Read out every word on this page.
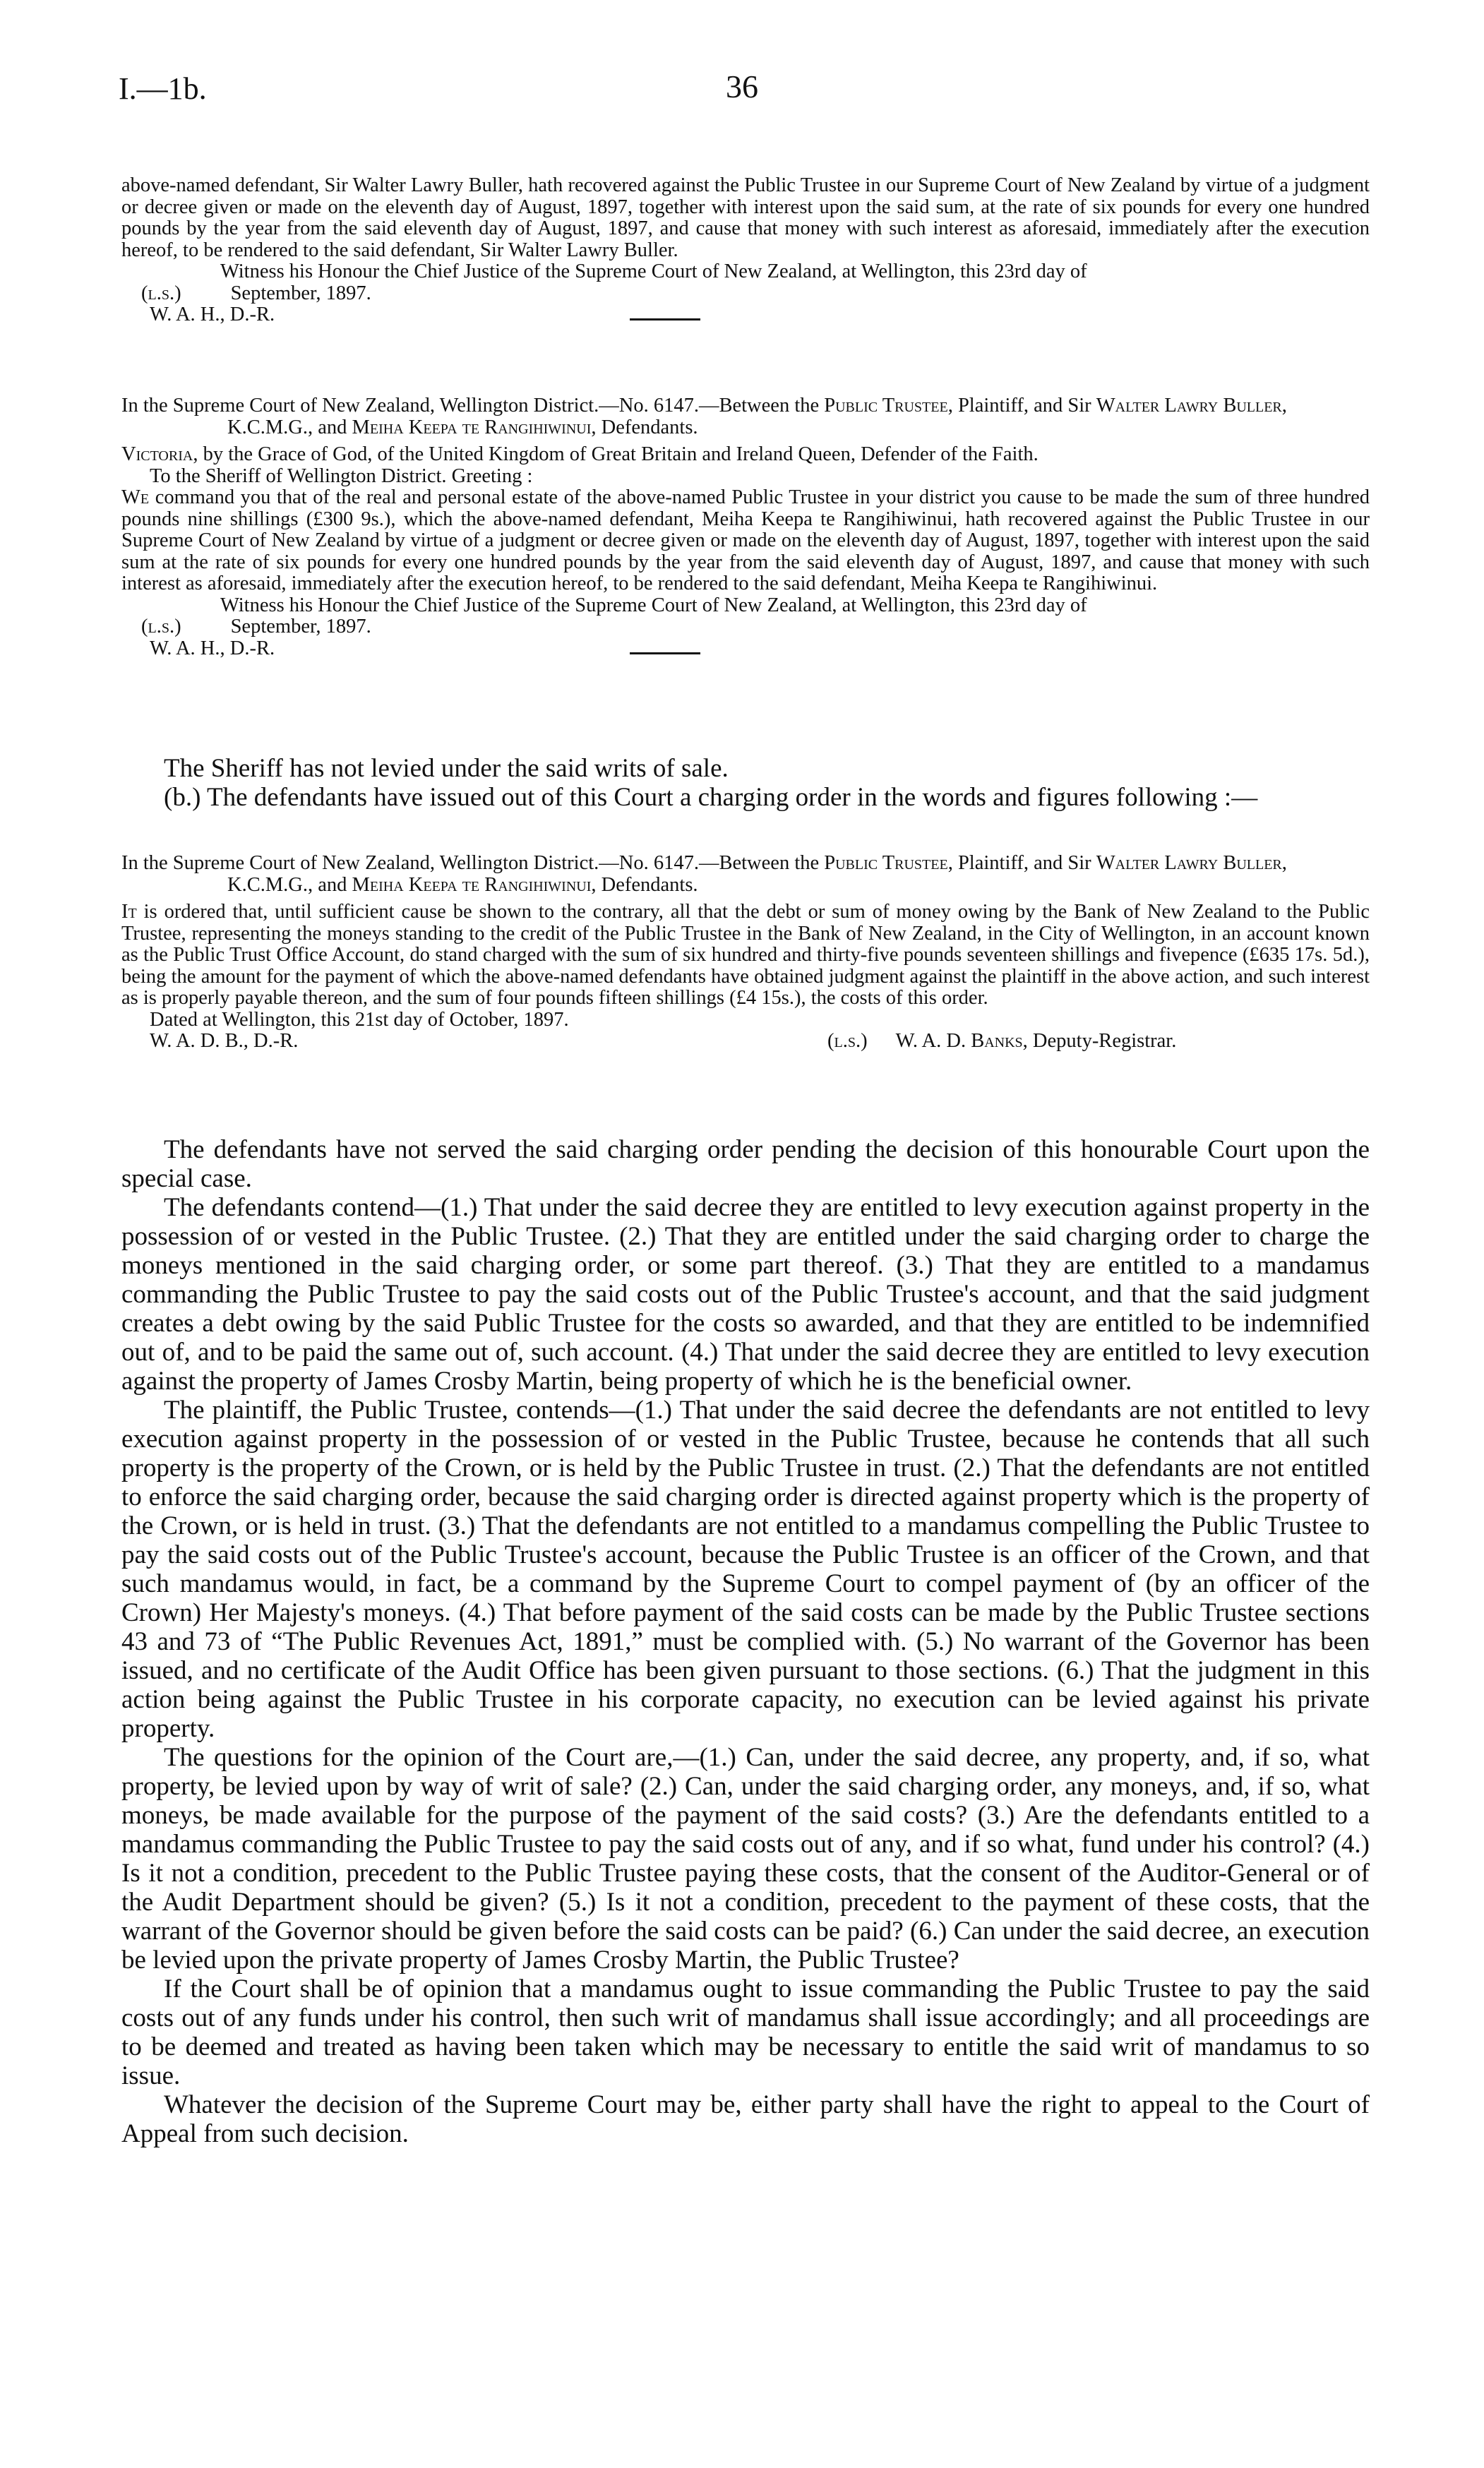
I.—1b.	36

above-named defendant, Sir Walter Lawry Buller, hath recovered against the Public Trustee in our Supreme Court of New Zealand by virtue of a judgment or decree given or made on the eleventh day of August, 1897, together with interest upon the said sum, at the rate of six pounds for every one hundred pounds by the year from the said eleventh day of August, 1897, and cause that money with such interest as aforesaid, immediately after the execution hereof, to be rendered to the said defendant, Sir Walter Lawry Buller.

Witness his Honour the Chief Justice of the Supreme Court of New Zealand, at Wellington, this 23rd day of

(l.s.) September, 1897.
W. A. H., D.-R.

In the Supreme Court of New Zealand, Wellington District.—No. 6147.—Between the Public Trustee, Plaintiff, and Sir Walter Lawry Buller, K.C.M.G., and Meiha Keepa te Rangihiwinui, Defendants.

Victoria, by the Grace of God, of the United Kingdom of Great Britain and Ireland Queen, Defender of the Faith.

To the Sheriff of Wellington District. Greeting :

We command you that of the real and personal estate of the above-named Public Trustee in your district you cause to be made the sum of three hundred pounds nine shillings (£300 9s.), which the above-named defendant, Meiha Keepa te Rangihiwinui, hath recovered against the Public Trustee in our Supreme Court of New Zealand by virtue of a judgment or decree given or made on the eleventh day of August, 1897, together with interest upon the said sum at the rate of six pounds for every one hundred pounds by the year from the said eleventh day of August, 1897, and cause that money with such interest as aforesaid, immediately after the execution hereof, to be rendered to the said defendant, Meiha Keepa te Rangihiwinui.

Witness his Honour the Chief Justice of the Supreme Court of New Zealand, at Wellington, this 23rd day of

(l.s.) September, 1897.
W. A. H., D.-R.

The Sheriff has not levied under the said writs of sale.

(b.) The defendants have issued out of this Court a charging order in the words and figures following :—

In the Supreme Court of New Zealand, Wellington District.—No. 6147.—Between the Public Trustee, Plaintiff, and Sir Walter Lawry Buller, K.C.M.G., and Meiha Keepa te Rangihiwinui, Defendants.

It is ordered that, until sufficient cause be shown to the contrary, all that the debt or sum of money owing by the Bank of New Zealand to the Public Trustee, representing the moneys standing to the credit of the Public Trustee in the Bank of New Zealand, in the City of Wellington, in an account known as the Public Trust Office Account, do stand charged with the sum of six hundred and thirty-five pounds seventeen shillings and fivepence (£635 17s. 5d.), being the amount for the payment of which the above-named defendants have obtained judgment against the plaintiff in the above action, and such interest as is properly payable thereon, and the sum of four pounds fifteen shillings (£4 15s.), the costs of this order.

Dated at Wellington, this 21st day of October, 1897.

W. A. D. B., D.-R.	(l.s.) W. A. D. Banks, Deputy-Registrar.

The defendants have not served the said charging order pending the decision of this honourable Court upon the special case.

The defendants contend—(1.) That under the said decree they are entitled to levy execution against property in the possession of or vested in the Public Trustee. (2.) That they are entitled under the said charging order to charge the moneys mentioned in the said charging order, or some part thereof. (3.) That they are entitled to a mandamus commanding the Public Trustee to pay the said costs out of the Public Trustee's account, and that the said judgment creates a debt owing by the said Public Trustee for the costs so awarded, and that they are entitled to be indemnified out of, and to be paid the same out of, such account. (4.) That under the said decree they are entitled to levy execution against the property of James Crosby Martin, being property of which he is the beneficial owner.

The plaintiff, the Public Trustee, contends—(1.) That under the said decree the defendants are not entitled to levy execution against property in the possession of or vested in the Public Trustee, because he contends that all such property is the property of the Crown, or is held by the Public Trustee in trust. (2.) That the defendants are not entitled to enforce the said charging order, because the said charging order is directed against property which is the property of the Crown, or is held in trust. (3.) That the defendants are not entitled to a mandamus compelling the Public Trustee to pay the said costs out of the Public Trustee's account, because the Public Trustee is an officer of the Crown, and that such mandamus would, in fact, be a command by the Supreme Court to compel payment of (by an officer of the Crown) Her Majesty's moneys. (4.) That before payment of the said costs can be made by the Public Trustee sections 43 and 73 of “The Public Revenues Act, 1891,” must be complied with. (5.) No warrant of the Governor has been issued, and no certificate of the Audit Office has been given pursuant to those sections. (6.) That the judgment in this action being against the Public Trustee in his corporate capacity, no execution can be levied against his private property.

The questions for the opinion of the Court are,—(1.) Can, under the said decree, any property, and, if so, what property, be levied upon by way of writ of sale? (2.) Can, under the said charging order, any moneys, and, if so, what moneys, be made available for the purpose of the payment of the said costs? (3.) Are the defendants entitled to a mandamus commanding the Public Trustee to pay the said costs out of any, and if so what, fund under his control? (4.) Is it not a condition, precedent to the Public Trustee paying these costs, that the consent of the Auditor-General or of the Audit Department should be given? (5.) Is it not a condition, precedent to the payment of these costs, that the warrant of the Governor should be given before the said costs can be paid? (6.) Can under the said decree, an execution be levied upon the private property of James Crosby Martin, the Public Trustee?

If the Court shall be of opinion that a mandamus ought to issue commanding the Public Trustee to pay the said costs out of any funds under his control, then such writ of mandamus shall issue accordingly; and all proceedings are to be deemed and treated as having been taken which may be necessary to entitle the said writ of mandamus to so issue.

Whatever the decision of the Supreme Court may be, either party shall have the right to appeal to the Court of Appeal from such decision.
